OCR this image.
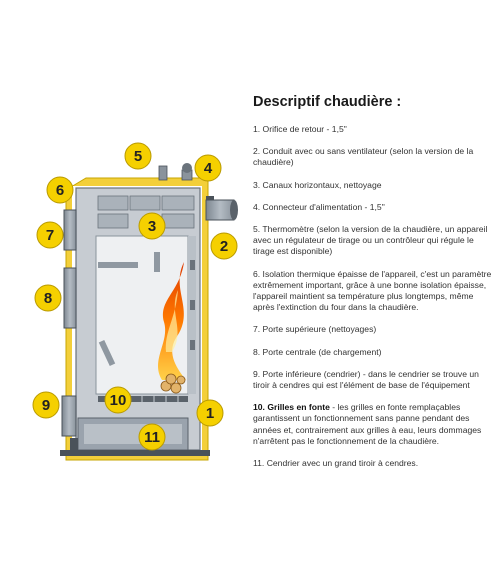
1
2
3
4
5
6
7
8
9	10
11
Descriptif chaudière :

1. Orifice de retour - 1,5"

2. Conduit avec ou sans ventilateur (selon la version de la chaudière)

3. Canaux horizontaux, nettoyage

4. Connecteur d'alimentation - 1,5"

5. Thermomètre (selon la version de la chaudière, un appareil avec un régulateur de tirage ou un contrôleur qui régule le tirage est disponible)

6. Isolation thermique épaisse de l'appareil, c'est un paramètre extrêmement important, grâce à une bonne isolation épaisse, l'appareil maintient sa température plus longtemps, même après l'extinction du four dans la chaudière.

7. Porte supérieure (nettoyages)

8. Porte centrale (de chargement)

9. Porte inférieure (cendrier) - dans le cendrier se trouve un tiroir à cendres qui est l'élément de base de l'équipement

10. Grilles en fonte - les grilles en fonte remplaçables garantissent un fonctionnement sans panne pendant des années et, contrairement aux grilles à eau, leurs dommages n'arrêtent pas le fonctionnement de la chaudière.

11. Cendrier avec un grand tiroir à cendres.
